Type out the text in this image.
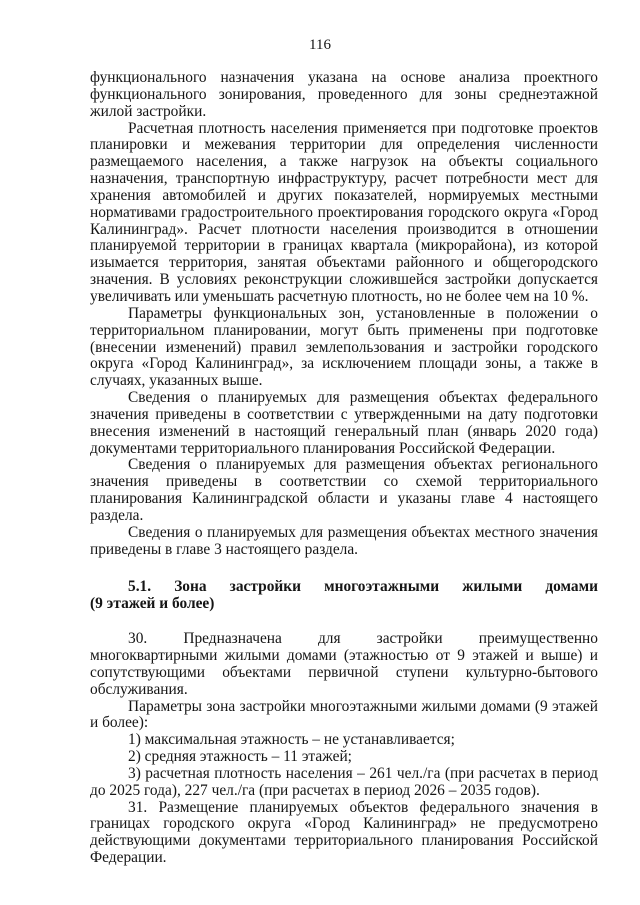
116

функционального назначения указана на основе анализа проектного функционального зонирования, проведенного для зоны среднеэтажной жилой застройки.

Расчетная плотность населения применяется при подготовке проектов планировки и межевания территории для определения численности размещаемого населения, а также нагрузок на объекты социального назначения, транспортную инфраструктуру, расчет потребности мест для хранения автомобилей и других показателей, нормируемых местными нормативами градостроительного проектирования городского округа «Город Калининград». Расчет плотности населения производится в отношении планируемой территории в границах квартала (микрорайона), из которой изымается территория, занятая объектами районного и общегородского значения. В условиях реконструкции сложившейся застройки допускается увеличивать или уменьшать расчетную плотность, но не более чем на 10 %.

Параметры функциональных зон, установленные в положении о территориальном планировании, могут быть применены при подготовке (внесении изменений) правил землепользования и застройки городского округа «Город Калининград», за исключением площади зоны, а также в случаях, указанных выше.

Сведения о планируемых для размещения объектах федерального значения приведены в соответствии с утвержденными на дату подготовки внесения изменений в настоящий генеральный план (январь 2020 года) документами территориального планирования Российской Федерации.

Сведения о планируемых для размещения объектах регионального значения приведены в соответствии со схемой территориального планирования Калининградской области и указаны главе 4 настоящего раздела.

Сведения о планируемых для размещения объектах местного значения приведены в главе 3 настоящего раздела.

5.1. Зона застройки многоэтажными жилыми домами
(9 этажей и более)

30. Предназначена для застройки преимущественно многоквартирными жилыми домами (этажностью от 9 этажей и выше) и сопутствующими объектами первичной ступени культурно-бытового обслуживания.

Параметры зона застройки многоэтажными жилыми домами (9 этажей и более):

1) максимальная этажность – не устанавливается;

2) средняя этажность – 11 этажей;

3) расчетная плотность населения – 261 чел./га (при расчетах в период до 2025 года), 227 чел./га (при расчетах в период 2026 – 2035 годов).

31. Размещение планируемых объектов федерального значения в границах городского округа «Город Калининград» не предусмотрено действующими документами территориального планирования Российской Федерации.
